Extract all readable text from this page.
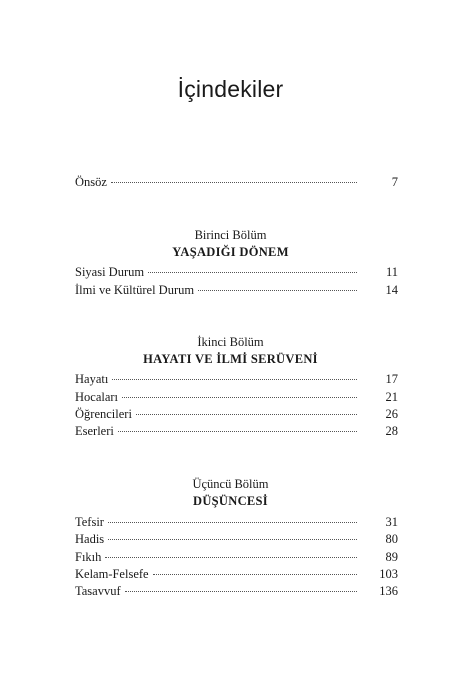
İçindekiler
Önsöz	7
Birinci Bölüm
YAŞADIĞI DÖNEM
Siyasi Durum	11
İlmi ve Kültürel Durum	14
İkinci Bölüm
HAYATI VE İLMİ SERÜVENİ
Hayatı	17
Hocaları	21
Öğrencileri	26
Eserleri	28
Üçüncü Bölüm
DÜŞÜNCESİ
Tefsir	31
Hadis	80
Fıkıh	89
Kelam-Felsefe	103
Tasavvuf	136
